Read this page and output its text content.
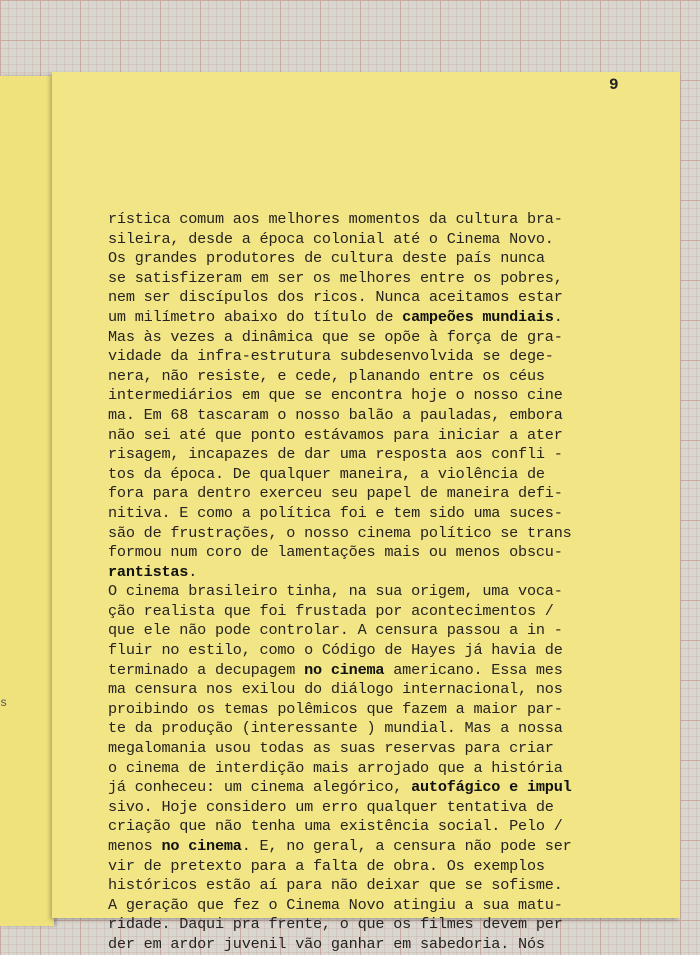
s
9
rística comum aos melhores momentos da cultura bra-
sileira, desde a época colonial até o Cinema Novo.
Os grandes produtores de cultura deste país nunca
se satisfizeram em ser os melhores entre os pobres,
nem ser discípulos dos ricos. Nunca aceitamos estar
um milímetro abaixo do título de campeões mundiais.
Mas às vezes a dinâmica que se opõe à força de gra-
vidade da infra-estrutura subdesenvolvida se dege-
nera, não resiste, e cede, planando entre os céus
intermediários em que se encontra hoje o nosso cine
ma. Em 68 tascaram o nosso balão a pauladas, embora
não sei até que ponto estávamos para iniciar a ater
risagem, incapazes de dar uma resposta aos confli -
tos da época. De qualquer maneira, a violência de
fora para dentro exerceu seu papel de maneira defi-
nitiva. E como a política foi e tem sido uma suces-
são de frustrações, o nosso cinema político se trans
formou num coro de lamentações mais ou menos obscu-
rantistas.
O cinema brasileiro tinha, na sua origem, uma voca-
ção realista que foi frustada por acontecimentos /
que ele não pode controlar. A censura passou a in -
fluir no estilo, como o Código de Hayes já havia de
terminado a decupagem no cinema americano. Essa mes
ma censura nos exilou do diálogo internacional, nos
proibindo os temas polêmicos que fazem a maior par-
te da produção (interessante ) mundial. Mas a nossa
megalomania usou todas as suas reservas para criar
o cinema de interdição mais arrojado que a história
já conheceu: um cinema alegórico, autofágico e impul
sivo. Hoje considero um erro qualquer tentativa de
criação que não tenha uma existência social. Pelo /
menos no cinema. E, no geral, a censura não pode ser
vir de pretexto para a falta de obra. Os exemplos
históricos estão aí para não deixar que se sofisme.
A geração que fez o Cinema Novo atingiu a sua matu-
ridade. Daqui pra frente, o que os filmes devem per
der em ardor juvenil vão ganhar em sabedoria. Nós
